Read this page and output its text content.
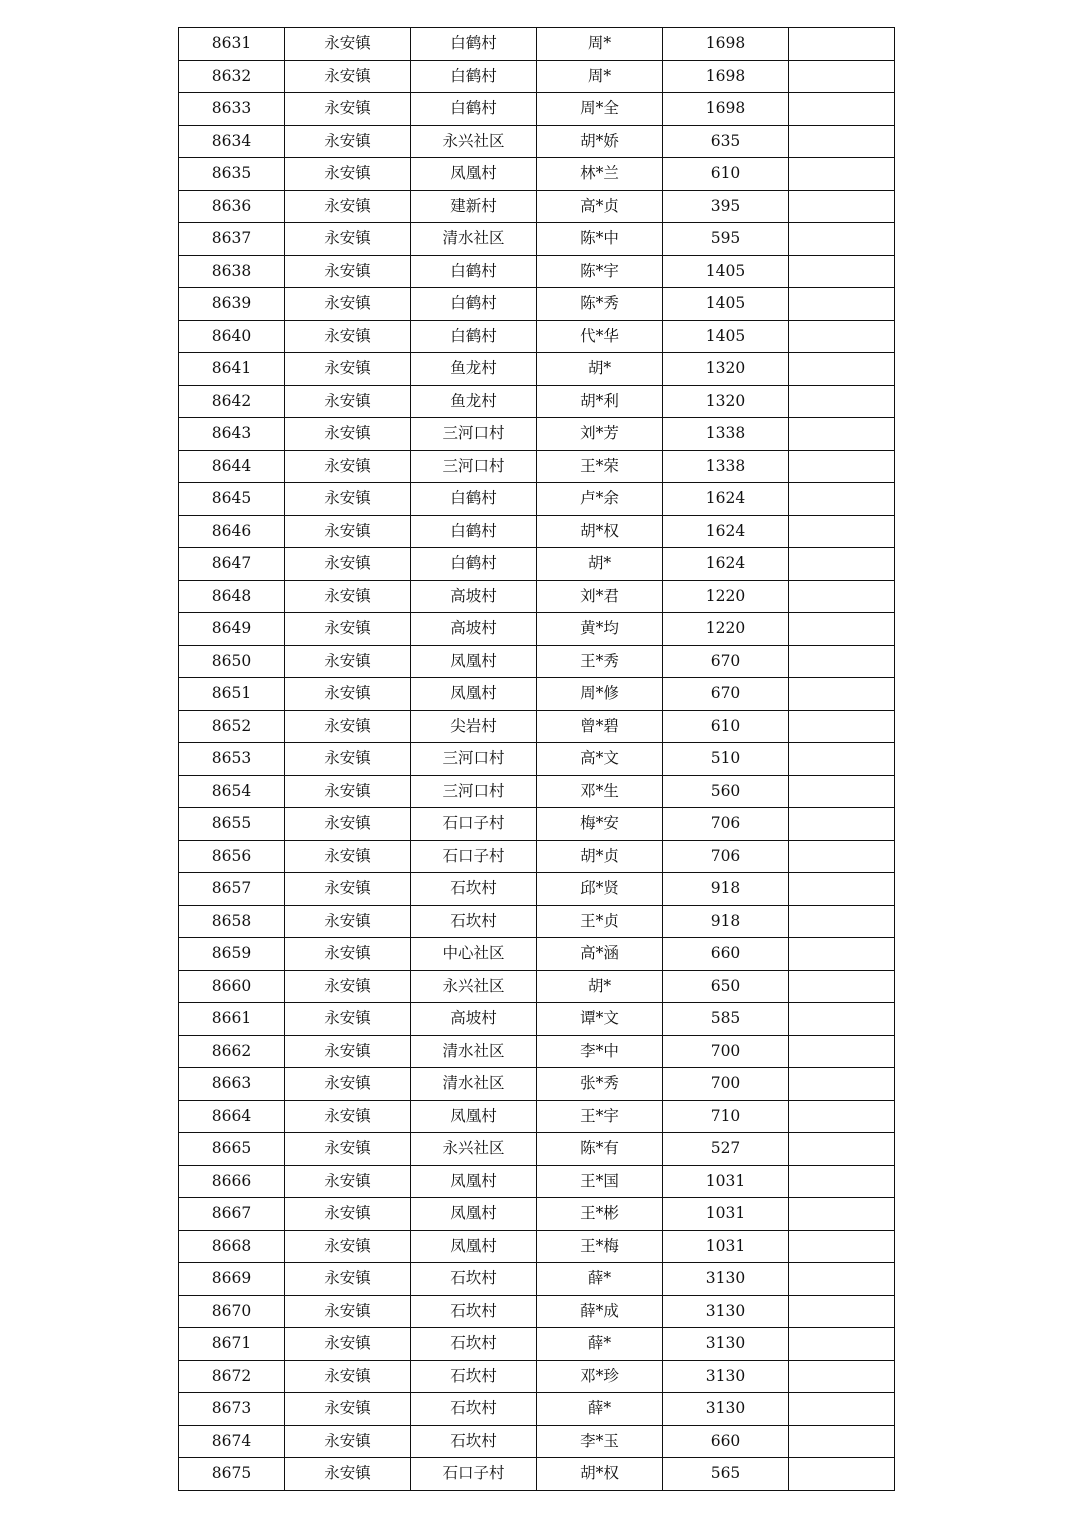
8631	永安镇	白鹤村	周*	1698	
8632	永安镇	白鹤村	周*	1698	
8633	永安镇	白鹤村	周*全	1698	
8634	永安镇	永兴社区	胡*娇	635	
8635	永安镇	凤凰村	林*兰	610	
8636	永安镇	建新村	高*贞	395	
8637	永安镇	清水社区	陈*中	595	
8638	永安镇	白鹤村	陈*宇	1405	
8639	永安镇	白鹤村	陈*秀	1405	
8640	永安镇	白鹤村	代*华	1405	
8641	永安镇	鱼龙村	胡*	1320	
8642	永安镇	鱼龙村	胡*利	1320	
8643	永安镇	三河口村	刘*芳	1338	
8644	永安镇	三河口村	王*荣	1338	
8645	永安镇	白鹤村	卢*余	1624	
8646	永安镇	白鹤村	胡*权	1624	
8647	永安镇	白鹤村	胡*	1624	
8648	永安镇	高坡村	刘*君	1220	
8649	永安镇	高坡村	黄*均	1220	
8650	永安镇	凤凰村	王*秀	670	
8651	永安镇	凤凰村	周*修	670	
8652	永安镇	尖岩村	曾*碧	610	
8653	永安镇	三河口村	高*文	510	
8654	永安镇	三河口村	邓*生	560	
8655	永安镇	石口子村	梅*安	706	
8656	永安镇	石口子村	胡*贞	706	
8657	永安镇	石坎村	邱*贤	918	
8658	永安镇	石坎村	王*贞	918	
8659	永安镇	中心社区	高*涵	660	
8660	永安镇	永兴社区	胡*	650	
8661	永安镇	高坡村	谭*文	585	
8662	永安镇	清水社区	李*中	700	
8663	永安镇	清水社区	张*秀	700	
8664	永安镇	凤凰村	王*宇	710	
8665	永安镇	永兴社区	陈*有	527	
8666	永安镇	凤凰村	王*国	1031	
8667	永安镇	凤凰村	王*彬	1031	
8668	永安镇	凤凰村	王*梅	1031	
8669	永安镇	石坎村	薛*	3130	
8670	永安镇	石坎村	薛*成	3130	
8671	永安镇	石坎村	薛*	3130	
8672	永安镇	石坎村	邓*珍	3130	
8673	永安镇	石坎村	薛*	3130	
8674	永安镇	石坎村	李*玉	660	
8675	永安镇	石口子村	胡*权	565	
